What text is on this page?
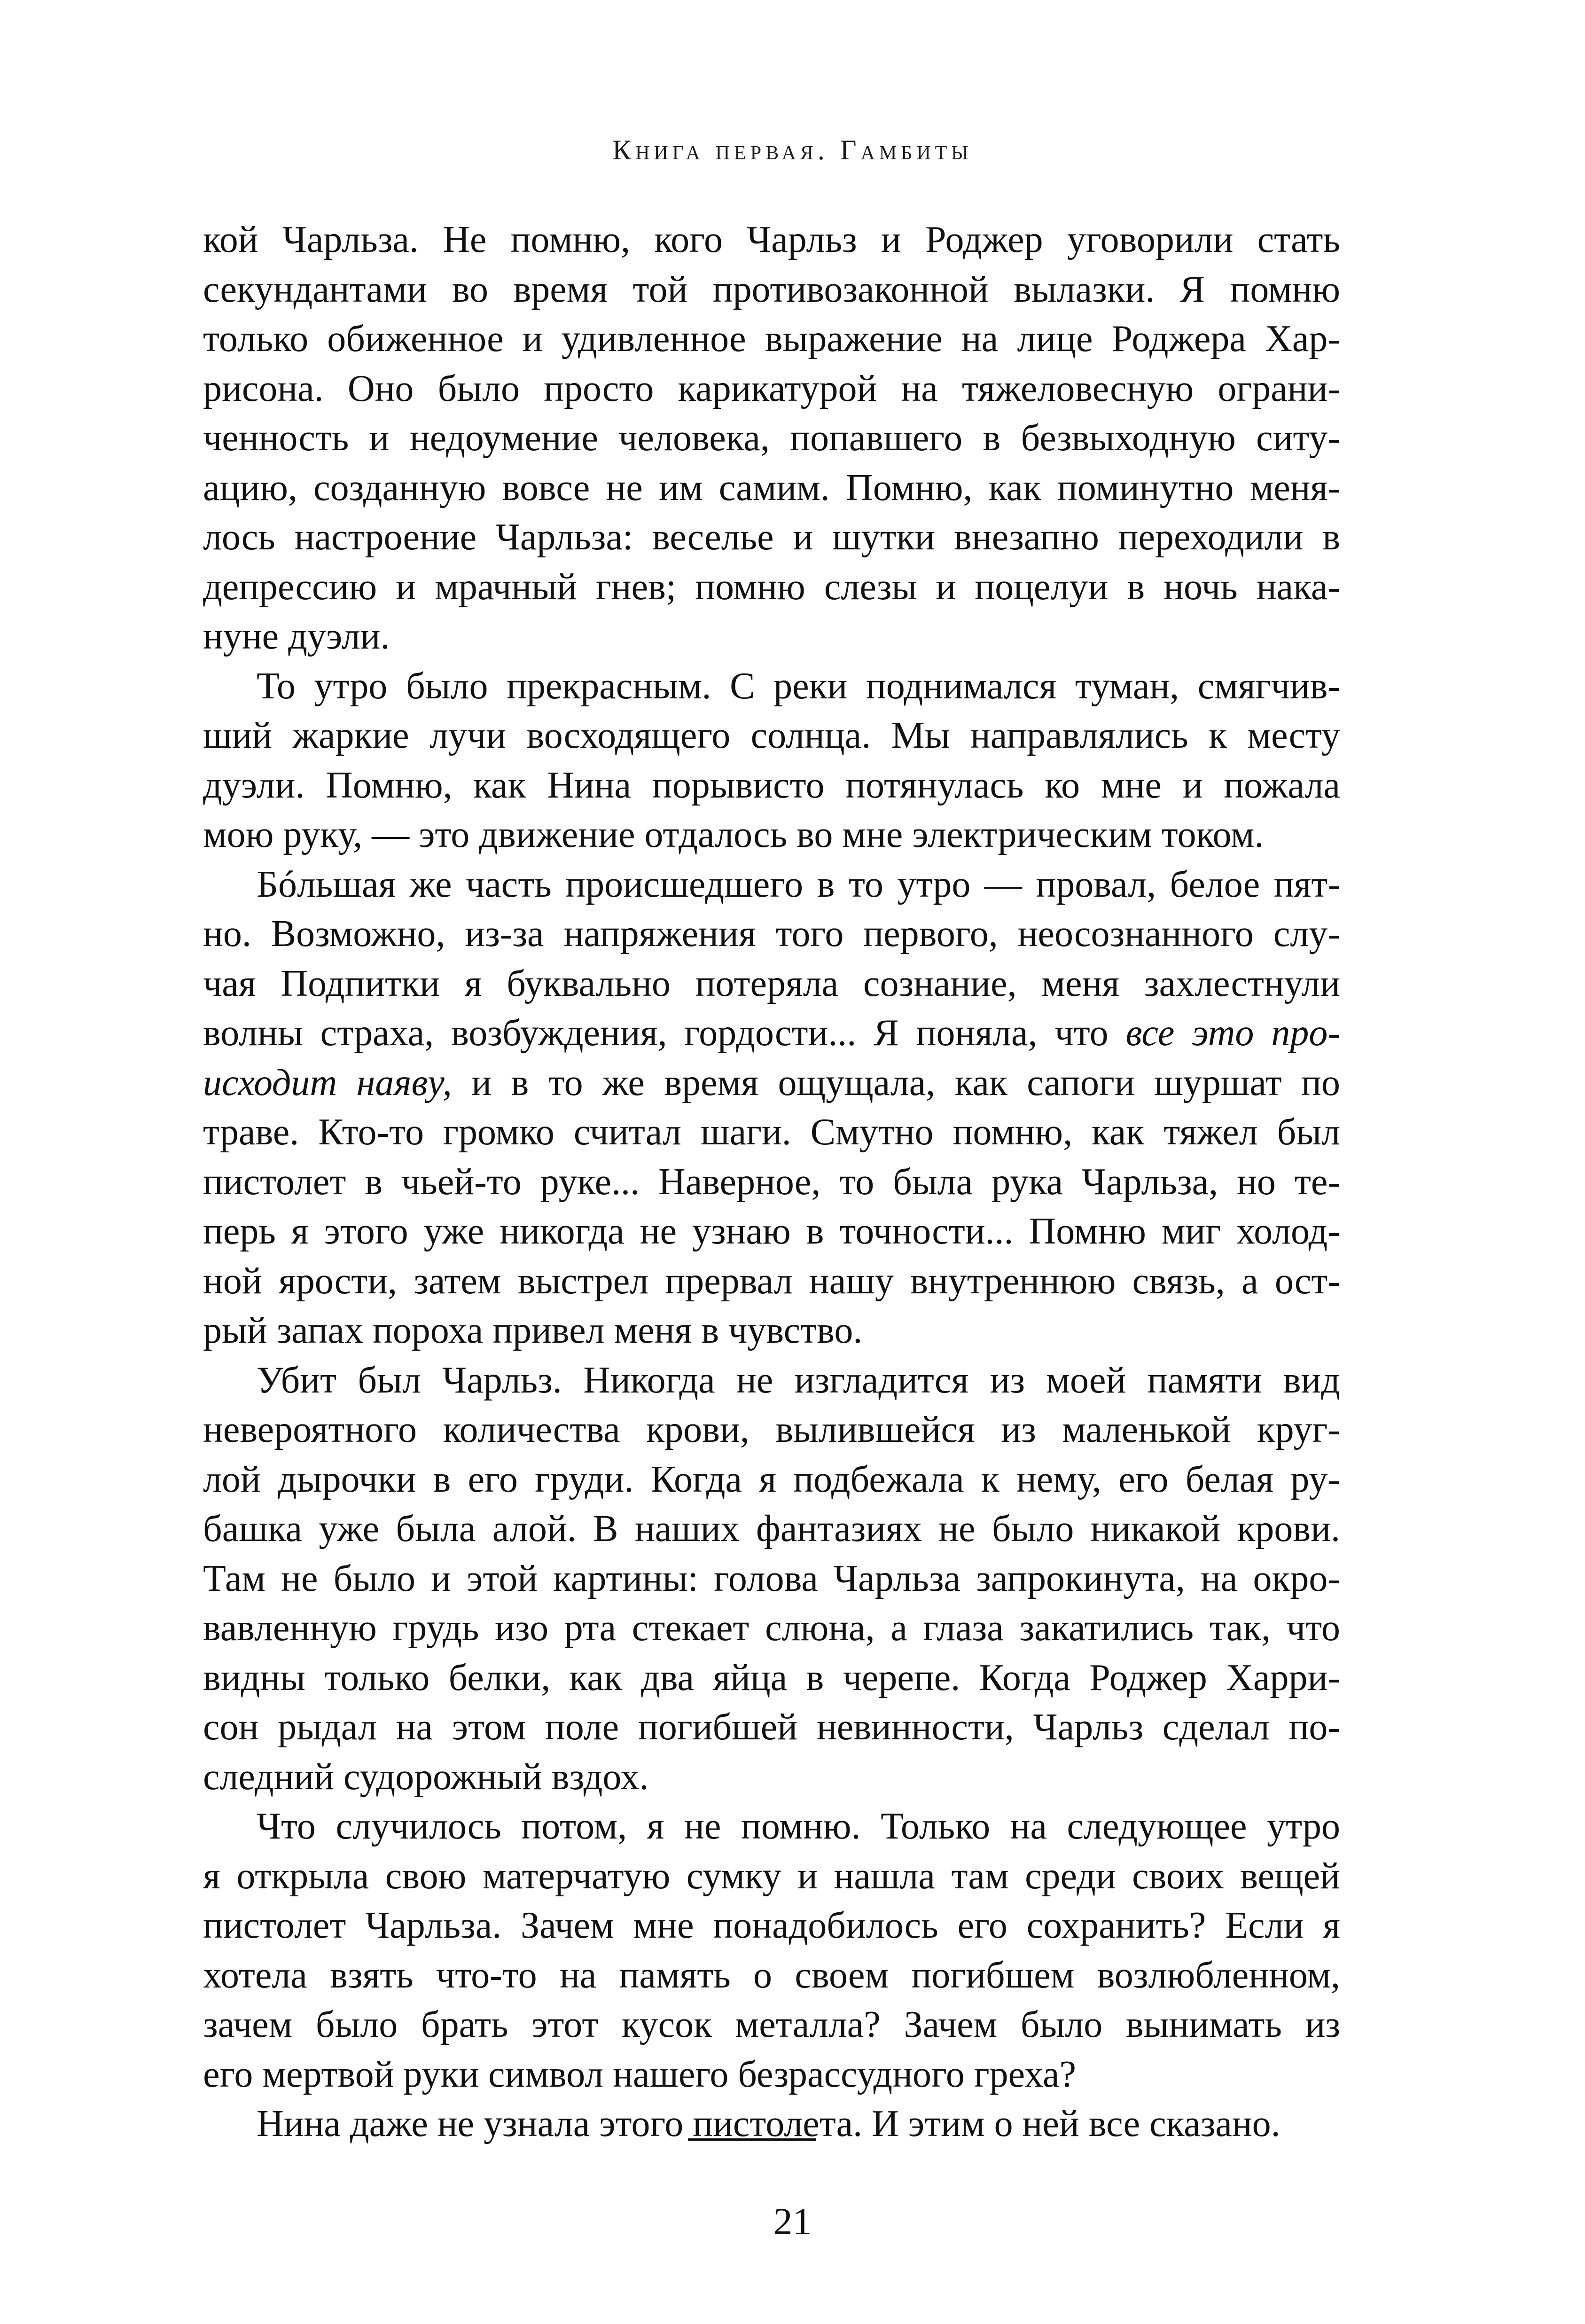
Книга первая. Гамбиты
кой Чарльза. Не помню, кого Чарльз и Роджер уговорили стать
секундантами во время той противозаконной вылазки. Я помню
только обиженное и удивленное выражение на лице Роджера Хар-
рисона. Оно было просто карикатурой на тяжеловесную ограни-
ченность и недоумение человека, попавшего в безвыходную ситу-
ацию, созданную вовсе не им самим. Помню, как поминутно меня-
лось настроение Чарльза: веселье и шутки внезапно переходили в
депрессию и мрачный гнев; помню слезы и поцелуи в ночь нака-
нуне дуэли.
То утро было прекрасным. С реки поднимался туман, смягчив-
ший жаркие лучи восходящего солнца. Мы направлялись к месту
дуэли. Помню, как Нина порывисто потянулась ко мне и пожала
мою руку, — это движение отдалось во мне электрическим током.
Бóльшая же часть происшедшего в то утро — провал, белое пят-
но. Возможно, из-за напряжения того первого, неосознанного слу-
чая Подпитки я буквально потеряла сознание, меня захлестнули
волны страха, возбуждения, гордости... Я поняла, что все это про-
исходит наяву, и в то же время ощущала, как сапоги шуршат по
траве. Кто-то громко считал шаги. Смутно помню, как тяжел был
пистолет в чьей-то руке... Наверное, то была рука Чарльза, но те-
перь я этого уже никогда не узнаю в точности... Помню миг холод-
ной ярости, затем выстрел прервал нашу внутреннюю связь, а ост-
рый запах пороха привел меня в чувство.
Убит был Чарльз. Никогда не изгладится из моей памяти вид
невероятного количества крови, вылившейся из маленькой круг-
лой дырочки в его груди. Когда я подбежала к нему, его белая ру-
башка уже была алой. В наших фантазиях не было никакой крови.
Там не было и этой картины: голова Чарльза запрокинута, на окро-
вавленную грудь изо рта стекает слюна, а глаза закатились так, что
видны только белки, как два яйца в черепе. Когда Роджер Харри-
сон рыдал на этом поле погибшей невинности, Чарльз сделал по-
следний судорожный вздох.
Что случилось потом, я не помню. Только на следующее утро
я открыла свою матерчатую сумку и нашла там среди своих вещей
пистолет Чарльза. Зачем мне понадобилось его сохранить? Если я
хотела взять что-то на память о своем погибшем возлюбленном,
зачем было брать этот кусок металла? Зачем было вынимать из
его мертвой руки символ нашего безрассудного греха?
Нина даже не узнала этого пистолета. И этим о ней все сказано.
21
